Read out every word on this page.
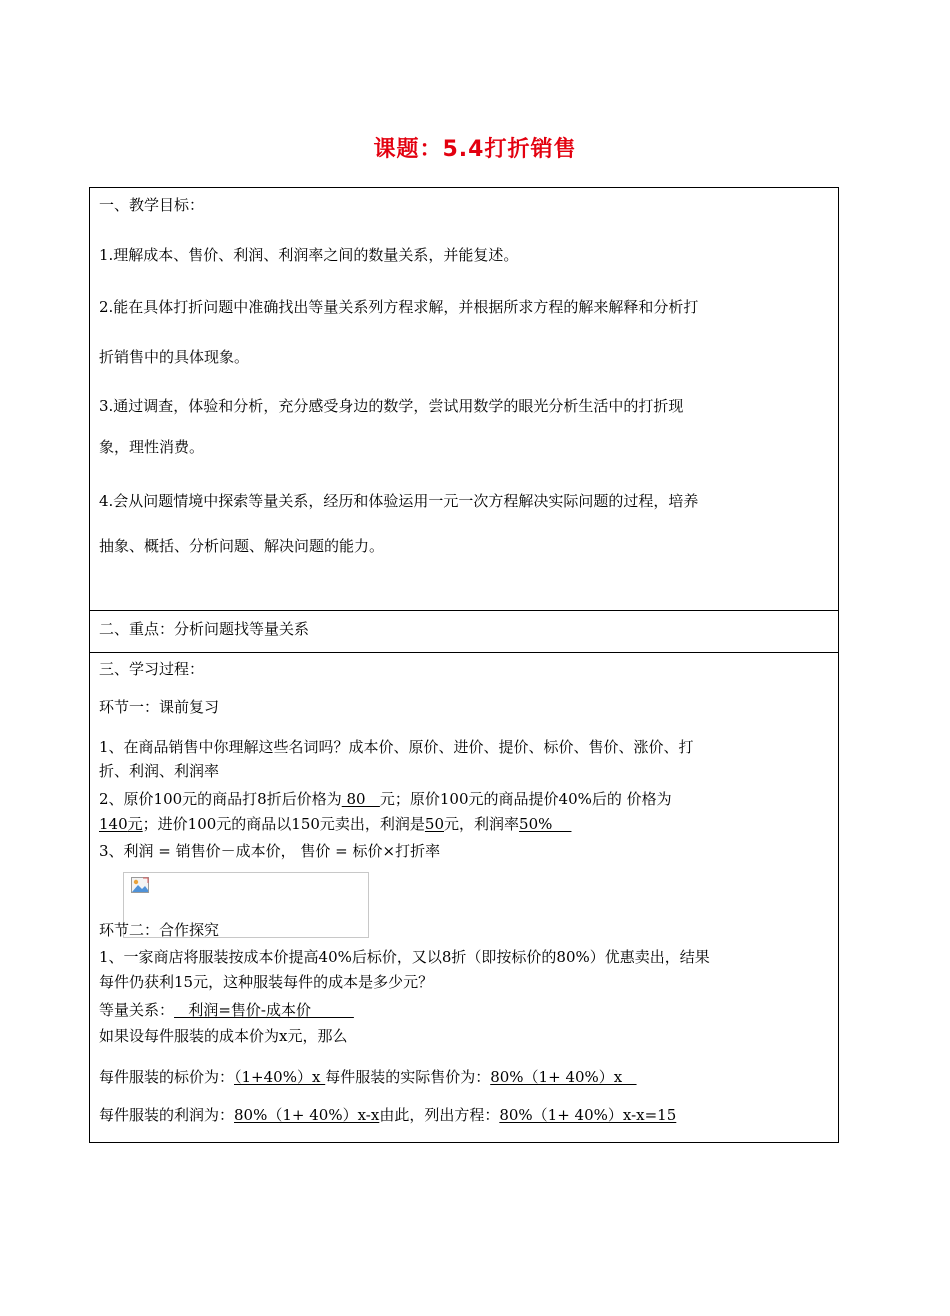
课题：5.4打折销售
一、教学目标：
1.理解成本、售价、利润、利润率之间的数量关系，并能复述。
2.能在具体打折问题中准确找出等量关系列方程求解，并根据所求方程的解来解释和分析打
折销售中的具体现象。
3.通过调查，体验和分析，充分感受身边的数学，尝试用数学的眼光分析生活中的打折现
象，理性消费。
4.会从问题情境中探索等量关系，经历和体验运用一元一次方程解决实际问题的过程，培养
抽象、概括、分析问题、解决问题的能力。
二、重点：分析问题找等量关系
三、学习过程：
环节一：课前复习
1、在商品销售中你理解这些名词吗？成本价、原价、进价、提价、标价、售价、涨价、打
折、利润、利润率
2、原价100元的商品打8折后价格为 80   元；原价100元的商品提价40%后的 价格为
140元；进价100元的商品以150元卖出，利润是50元，利润率50%
3、利润 = 销售价－成本价， 售价 = 标价×打折率
环节二：合作探究
1、一家商店将服装按成本价提高40%后标价，又以8折（即按标价的80%）优惠卖出，结果
每件仍获利15元，这种服装每件的成本是多少元？
等量关系：   利润=售价-成本价
如果设每件服装的成本价为x元，那么
每件服装的标价为：（1+40%）x 每件服装的实际售价为：80%（1+ 40%）x
每件服装的利润为：80%（1+ 40%）x-x由此，列出方程：80%（1+ 40%）x-x=15
